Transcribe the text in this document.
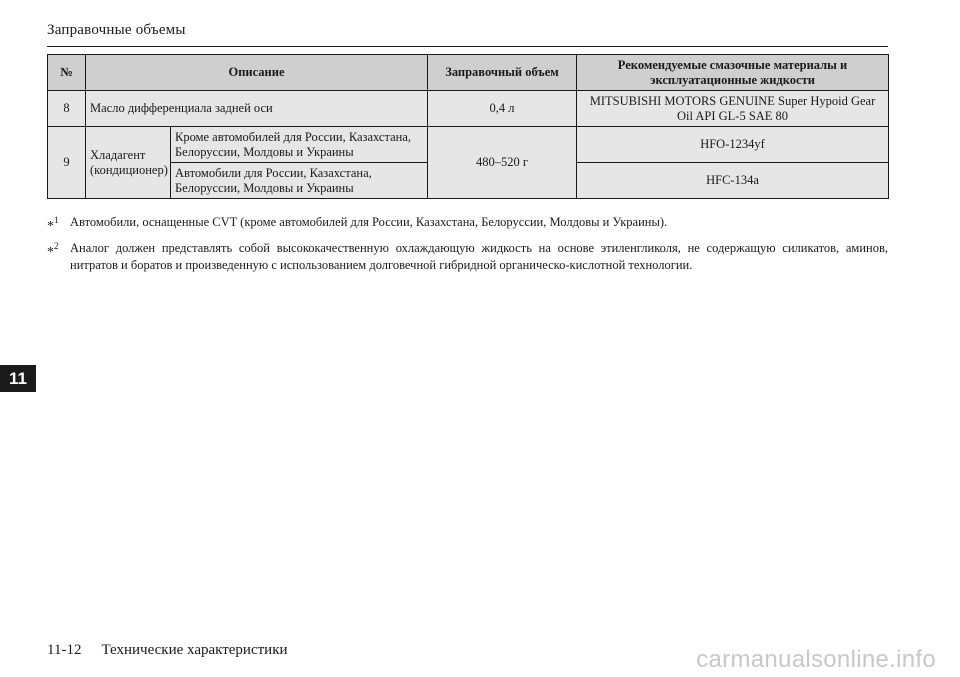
Заправочные объемы
№	Описание		Заправочный объем	Рекомендуемые смазочные материалы и эксплуатационные жидкости
8	Масло дифференциала задней оси		0,4 л	MITSUBISHI MOTORS GENUINE Super Hypoid Gear Oil API GL-5 SAE 80
9	Хладагент (кондиционер)	Кроме автомобилей для России, Казахстана, Белоруссии, Молдовы и Украины	480–520 г	HFO-1234yf
		Автомобили для России, Казахстана, Белоруссии, Молдовы и Украины		HFC-134a
*$^1$ Автомобили, оснащенные CVT (кроме автомобилей для России, Казахстана, Белоруссии, Молдовы и Украины).
*$^2$ Аналог должен представлять собой высококачественную охлаждающую жидкость на основе этиленгликоля, не содержащую силикатов, аминов, нитратов и боратов и произведенную с использованием долговечной гибридной органическо-кислотной технологии.
11
11-12 Технические характеристики	carmanualsonline.info
